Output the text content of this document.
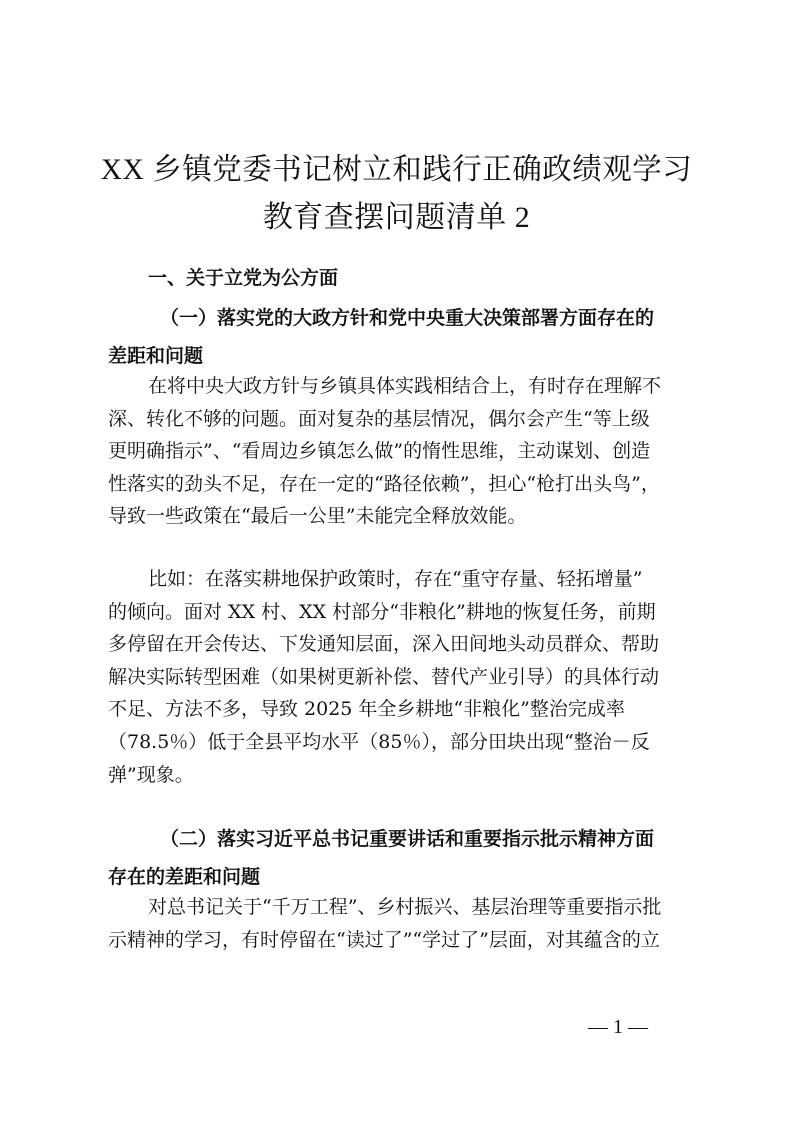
XX 乡镇党委书记树立和践行正确政绩观学习
教育查摆问题清单 2
一、关于立党为公方面
（一）落实党的大政方针和党中央重大决策部署方面存在的
差距和问题

在将中央大政方针与乡镇具体实践相结合上，有时存在理解不
深、转化不够的问题。面对复杂的基层情况，偶尔会产生“等上级
更明确指示”、“看周边乡镇怎么做”的惰性思维，主动谋划、创造
性落实的劲头不足，存在一定的“路径依赖”，担心“枪打出头鸟”，
导致一些政策在“最后一公里”未能完全释放效能。

比如：在落实耕地保护政策时，存在“重守存量、轻拓增量”
的倾向。面对 XX 村、XX 村部分“非粮化”耕地的恢复任务，前期
多停留在开会传达、下发通知层面，深入田间地头动员群众、帮助
解决实际转型困难（如果树更新补偿、替代产业引导）的具体行动
不足、方法不多，导致 2025 年全乡耕地“非粮化”整治完成率
（78.5％）低于全县平均水平（85％），部分田块出现“整治－反
弹”现象。

（二）落实习近平总书记重要讲话和重要指示批示精神方面
存在的差距和问题

对总书记关于“千万工程”、乡村振兴、基层治理等重要指示批
示精神的学习，有时停留在“读过了”“学过了”层面，对其蕴含的立

— 1 —
